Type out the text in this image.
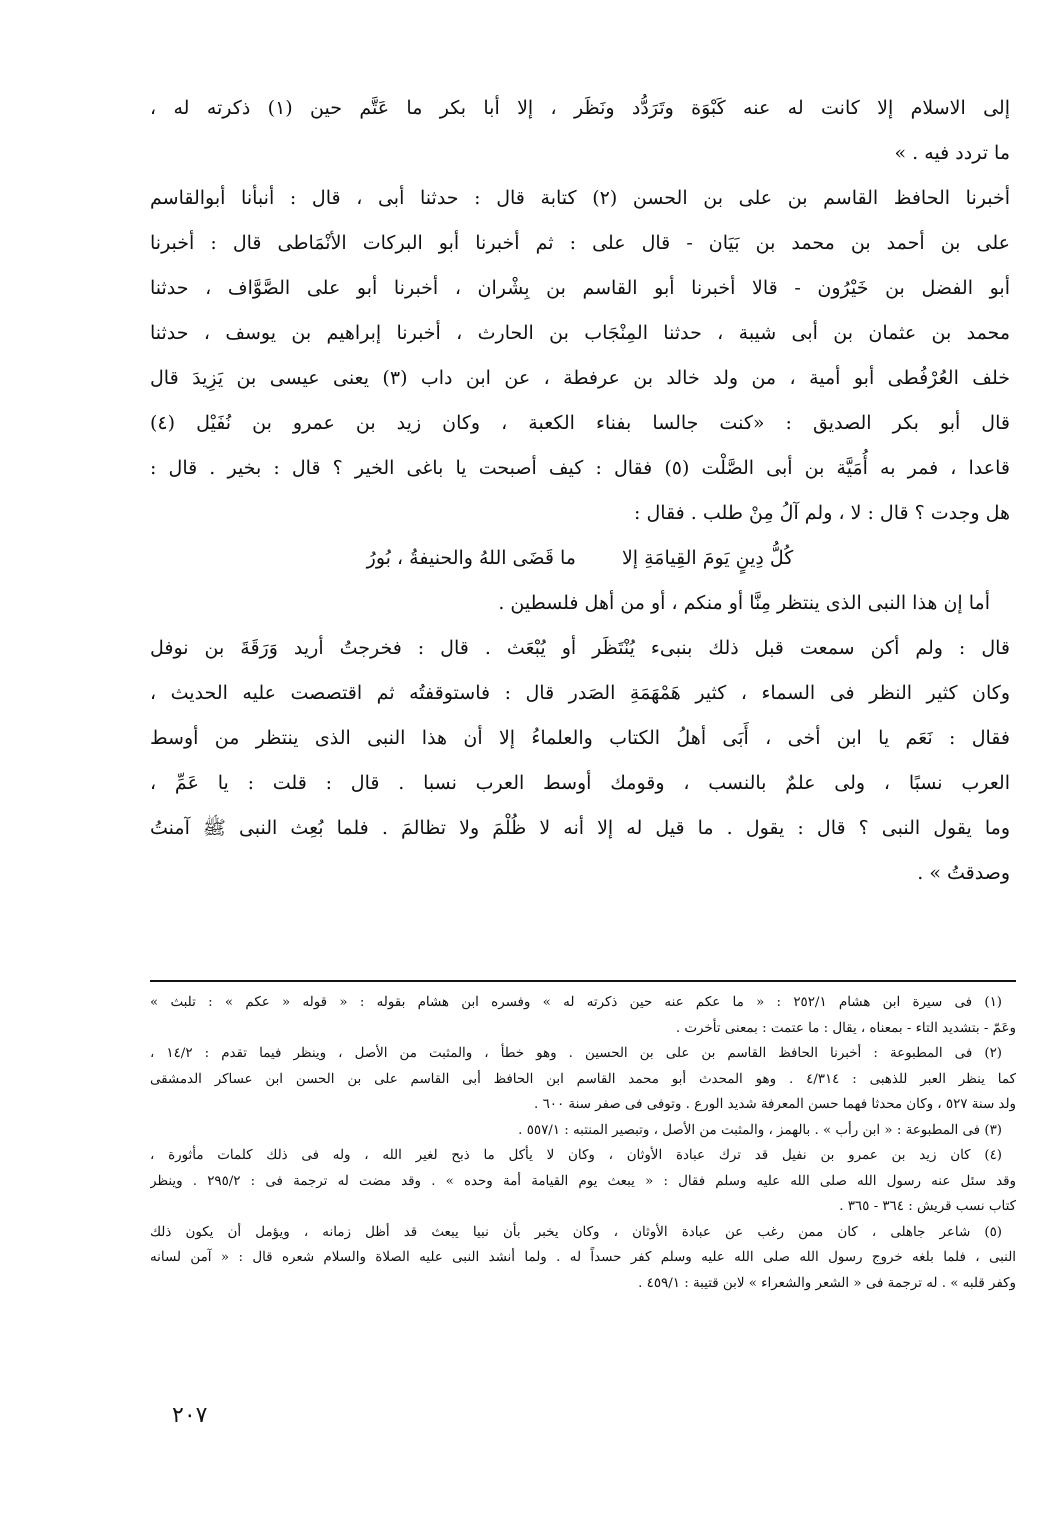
إلى الاسلام إلا كانت له عنه كَبْوَة وتَرَدُّد ونَظَر ، إلا أبا بكر ما عَتَّم حين (١) ذكرته له ،
ما تردد فيه . »
أخبرنا الحافظ القاسم بن على بن الحسن (٢) كتابة قال : حدثنا أبى ، قال : أنبأنا أبوالقاسم
على بن أحمد بن محمد بن بَيَان - قال على : ثم أخبرنا أبو البركات الأنْمَاطى قال : أخبرنا
أبو الفضل بن خَيْرُون - قالا أخبرنا أبو القاسم بن بِشْران ، أخبرنا أبو على الصَّوَّاف ، حدثنا
محمد بن عثمان بن أبى شيبة ، حدثنا المِنْجَاب بن الحارث ، أخبرنا إبراهيم بن يوسف ، حدثنا
خلف العُرْفُطى أبو أمية ، من ولد خالد بن عرفطة ، عن ابن داب (٣) يعنى عيسى بن يَزِيدَ قال
قال أبو بكر الصديق : «كنت جالسا بفناء الكعبة ، وكان زيد بن عمرو بن نُفَيْل (٤)
قاعدا ، فمر به أُمَيَّة بن أبى الصَّلْت (٥) فقال : كيف أصبحت يا باغى الخير ؟ قال : بخير . قال :
هل وجدت ؟ قال : لا ، ولم آلُ مِنْ طلب . فقال :
كُلُّ دِينٍ يَومَ القِيامَةِ إلا
ما قَضَى اللهُ والحنيفةُ ، بُورُ
أما إن هذا النبى الذى ينتظر مِنَّا أو منكم ، أو من أهل فلسطين .
قال : ولم أكن سمعت قبل ذلك بنبىء يُنْتَظَر أو يُبْعَث . قال : فخرجتُ أريد وَرَقَةَ بن نوفل
وكان كثير النظر فى السماء ، كثير هَمْهَمَةِ الصَدر قال : فاستوقفتُه ثم اقتصصت عليه الحديث ،
فقال : نَعَم يا ابن أخى ، أَبَى أهلُ الكتاب والعلماءُ إلا أن هذا النبى الذى ينتظر من أوسط
العرب نسبًا ، ولى علمٌ بالنسب ، وقومك أوسط العرب نسبا . قال : قلت : يا عَمِّ ،
وما يقول النبى ؟ قال : يقول . ما قيل له إلا أنه لا ظُلْمَ ولا تظالمَ . فلما بُعِث النبى ﷺ آمنتُ
وصدقتُ » .
(١) فى سيرة ابن هشام ٢٥٢/١ : « ما عكم عنه حين ذكرته له » وفسره ابن هشام بقوله : « قوله « عكم » : تلبث »
وعَمّ - بتشديد التاء - بمعناه ، يقال : ما عتمت : بمعنى تأخرت .
(٢) فى المطبوعة : أخبرنا الحافظ القاسم بن على بن الحسين . وهو خطأ ، والمثبت من الأصل ، وينظر فيما تقدم : ١٤/٢ ،
كما ينظر العبر للذهبى : ٤/٣١٤ . وهو المحدث أبو محمد القاسم ابن الحافظ أبى القاسم على بن الحسن ابن عساكر الدمشقى
ولد سنة ٥٢٧ ، وكان محدثا فهما حسن المعرفة شديد الورع . وتوفى فى صفر سنة ٦٠٠ .
(٣) فى المطبوعة : « ابن رأب » . بالهمز ، والمثبت من الأصل ، وتبصير المنتبه : ٥٥٧/١ .
(٤) كان زيد بن عمرو بن نفيل قد ترك عبادة الأوثان ، وكان لا يأكل ما ذبح لغير الله ، وله فى ذلك كلمات مأثورة ،
وقد سئل عنه رسول الله صلى الله عليه وسلم فقال : « يبعث يوم القيامة أمة وحده » . وقد مضت له ترجمة فى : ٢٩٥/٢ . وينظر
كتاب نسب قريش : ٣٦٤ - ٣٦٥ .
(٥) شاعر جاهلى ، كان ممن رغب عن عبادة الأوثان ، وكان يخبر بأن نبيا يبعث قد أظل زمانه ، ويؤمل أن يكون ذلك
النبى ، فلما بلغه خروج رسول الله صلى الله عليه وسلم كفر حسداً له . ولما أنشد النبى عليه الصلاة والسلام شعره قال : « آمن لسانه
وكفر قلبه » . له ترجمة فى « الشعر والشعراء » لابن قتيبة : ٤٥٩/١ .
٢٠٧
